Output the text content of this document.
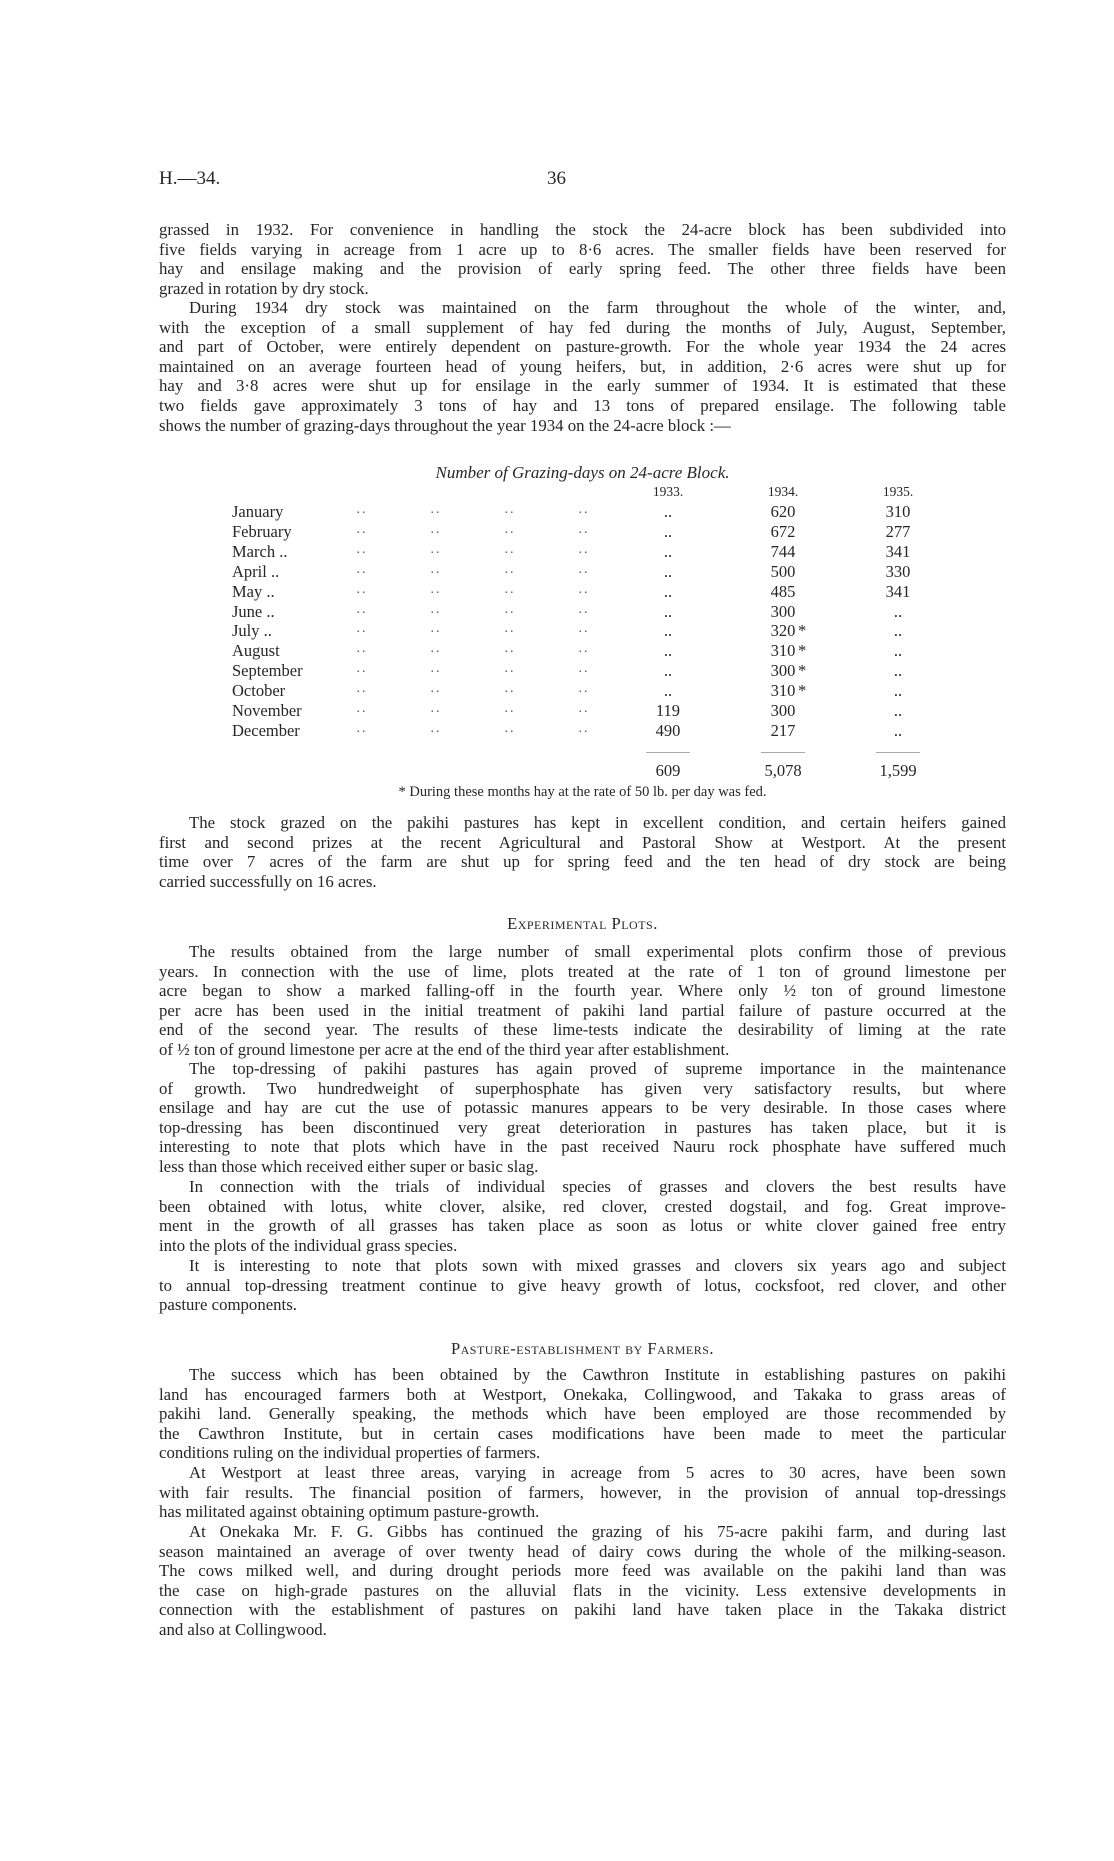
H.—34.	36
grassed in 1932. For convenience in handling the stock the 24-acre block has been subdivided into
five fields varying in acreage from 1 acre up to 8·6 acres. The smaller fields have been reserved for
hay and ensilage making and the provision of early spring feed. The other three fields have been
grazed in rotation by dry stock.
During 1934 dry stock was maintained on the farm throughout the whole of the winter, and,
with the exception of a small supplement of hay fed during the months of July, August, September,
and part of October, were entirely dependent on pasture-growth. For the whole year 1934 the 24 acres
maintained on an average fourteen head of young heifers, but, in addition, 2·6 acres were shut up for
hay and 3·8 acres were shut up for ensilage in the early summer of 1934. It is estimated that these
two fields gave approximately 3 tons of hay and 13 tons of prepared ensilage. The following table
shows the number of grazing-days throughout the year 1934 on the 24-acre block :—
Number of Grazing-days on 24-acre Block.
1933.	1934.	1935.
January	..	..	..	..	..	620	310
February	..	..	..	..	..	672	277
March ..	..	..	..	..	..	744	341
April ..	..	..	..	..	..	500	330
May ..	..	..	..	..	..	485	341
June ..	..	..	..	..	..	300	..
July ..	..	..	..	..	..	320 *	..
August	..	..	..	..	..	310 *	..
September	..	..	..	..	..	300 *	..
October	..	..	..	..	..	310 *	..
November	..	..	..	..	119	300	..
December	..	..	..	..	490	217	..
609	5,078	1,599
* During these months hay at the rate of 50 lb. per day was fed.
The stock grazed on the pakihi pastures has kept in excellent condition, and certain heifers gained
first and second prizes at the recent Agricultural and Pastoral Show at Westport. At the present
time over 7 acres of the farm are shut up for spring feed and the ten head of dry stock are being
carried successfully on 16 acres.
Experimental Plots.
The results obtained from the large number of small experimental plots confirm those of previous
years. In connection with the use of lime, plots treated at the rate of 1 ton of ground limestone per
acre began to show a marked falling-off in the fourth year. Where only ½ ton of ground limestone
per acre has been used in the initial treatment of pakihi land partial failure of pasture occurred at the
end of the second year. The results of these lime-tests indicate the desirability of liming at the rate
of ½ ton of ground limestone per acre at the end of the third year after establishment.
The top-dressing of pakihi pastures has again proved of supreme importance in the maintenance
of growth. Two hundredweight of superphosphate has given very satisfactory results, but where
ensilage and hay are cut the use of potassic manures appears to be very desirable. In those cases where
top-dressing has been discontinued very great deterioration in pastures has taken place, but it is
interesting to note that plots which have in the past received Nauru rock phosphate have suffered much
less than those which received either super or basic slag.
In connection with the trials of individual species of grasses and clovers the best results have
been obtained with lotus, white clover, alsike, red clover, crested dogstail, and fog. Great improve-
ment in the growth of all grasses has taken place as soon as lotus or white clover gained free entry
into the plots of the individual grass species.
It is interesting to note that plots sown with mixed grasses and clovers six years ago and subject
to annual top-dressing treatment continue to give heavy growth of lotus, cocksfoot, red clover, and other
pasture components.
Pasture-establishment by Farmers.
The success which has been obtained by the Cawthron Institute in establishing pastures on pakihi
land has encouraged farmers both at Westport, Onekaka, Collingwood, and Takaka to grass areas of
pakihi land. Generally speaking, the methods which have been employed are those recommended by
the Cawthron Institute, but in certain cases modifications have been made to meet the particular
conditions ruling on the individual properties of farmers.
At Westport at least three areas, varying in acreage from 5 acres to 30 acres, have been sown
with fair results. The financial position of farmers, however, in the provision of annual top-dressings
has militated against obtaining optimum pasture-growth.
At Onekaka Mr. F. G. Gibbs has continued the grazing of his 75-acre pakihi farm, and during last
season maintained an average of over twenty head of dairy cows during the whole of the milking-season.
The cows milked well, and during drought periods more feed was available on the pakihi land than was
the case on high-grade pastures on the alluvial flats in the vicinity. Less extensive developments in
connection with the establishment of pastures on pakihi land have taken place in the Takaka district
and also at Collingwood.
